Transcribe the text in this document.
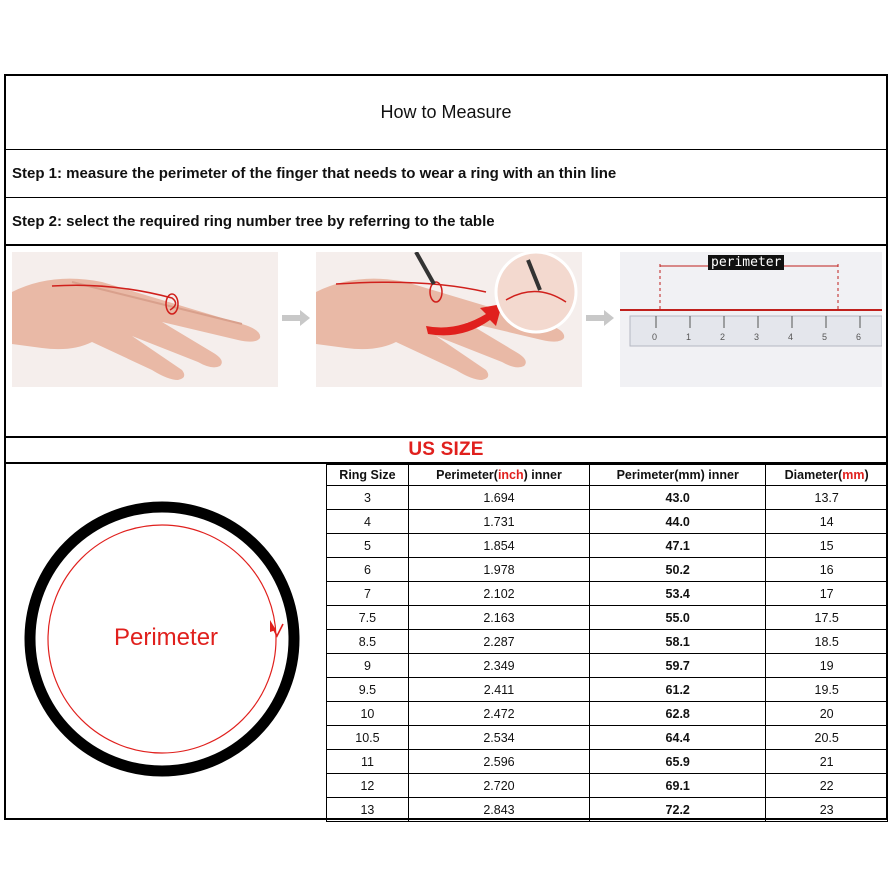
How to Measure
Step 1: measure the perimeter of the finger that needs to wear a ring with an thin line
Step 2: select the required ring number tree by referring to the table
perimeter
0	1	2	3	4	5	6
US SIZE
Perimeter
Ring Size	Perimeter(inch) inner	Perimeter(mm) inner	Diameter(mm)
3	1.694	43.0	13.7
4	1.731	44.0	14
5	1.854	47.1	15
6	1.978	50.2	16
7	2.102	53.4	17
7.5	2.163	55.0	17.5
8.5	2.287	58.1	18.5
9	2.349	59.7	19
9.5	2.411	61.2	19.5
10	2.472	62.8	20
10.5	2.534	64.4	20.5
11	2.596	65.9	21
12	2.720	69.1	22
13	2.843	72.2	23
